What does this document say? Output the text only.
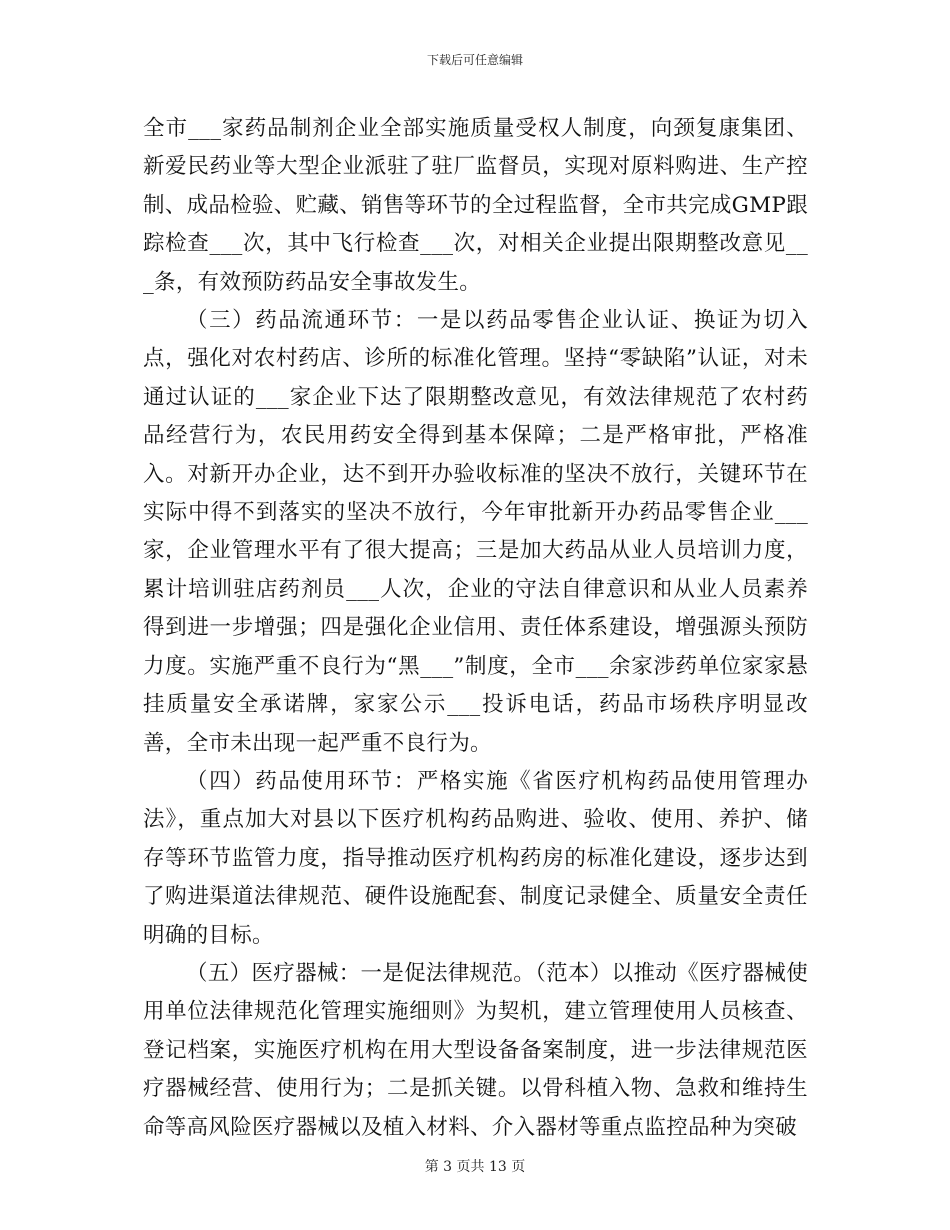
下载后可任意编辑

全市___家药品制剂企业全部实施质量受权人制度，向颈复康集团、新爱民药业等大型企业派驻了驻厂监督员，实现对原料购进、生产控制、成品检验、贮藏、销售等环节的全过程监督，全市共完成GMP跟踪检查___次，其中飞行检查___次，对相关企业提出限期整改意见___条，有效预防药品安全事故发生。

（三）药品流通环节：一是以药品零售企业认证、换证为切入点，强化对农村药店、诊所的标准化管理。坚持“零缺陷”认证，对未通过认证的___家企业下达了限期整改意见，有效法律规范了农村药品经营行为，农民用药安全得到基本保障；二是严格审批，严格准入。对新开办企业，达不到开办验收标准的坚决不放行，关键环节在实际中得不到落实的坚决不放行，今年审批新开办药品零售企业___家，企业管理水平有了很大提高；三是加大药品从业人员培训力度，累计培训驻店药剂员___人次，企业的守法自律意识和从业人员素养得到进一步增强；四是强化企业信用、责任体系建设，增强源头预防力度。实施严重不良行为“黑___”制度，全市___余家涉药单位家家悬挂质量安全承诺牌，家家公示___投诉电话，药品市场秩序明显改善，全市未出现一起严重不良行为。

（四）药品使用环节：严格实施《省医疗机构药品使用管理办法》，重点加大对县以下医疗机构药品购进、验收、使用、养护、储存等环节监管力度，指导推动医疗机构药房的标准化建设，逐步达到了购进渠道法律规范、硬件设施配套、制度记录健全、质量安全责任明确的目标。

（五）医疗器械：一是促法律规范。（范本）以推动《医疗器械使用单位法律规范化管理实施细则》为契机，建立管理使用人员核查、登记档案，实施医疗机构在用大型设备备案制度，进一步法律规范医疗器械经营、使用行为；二是抓关键。以骨科植入物、急救和维持生命等高风险医疗器械以及植入材料、介入器材等重点监控品种为突破

第 3 页共 13 页
